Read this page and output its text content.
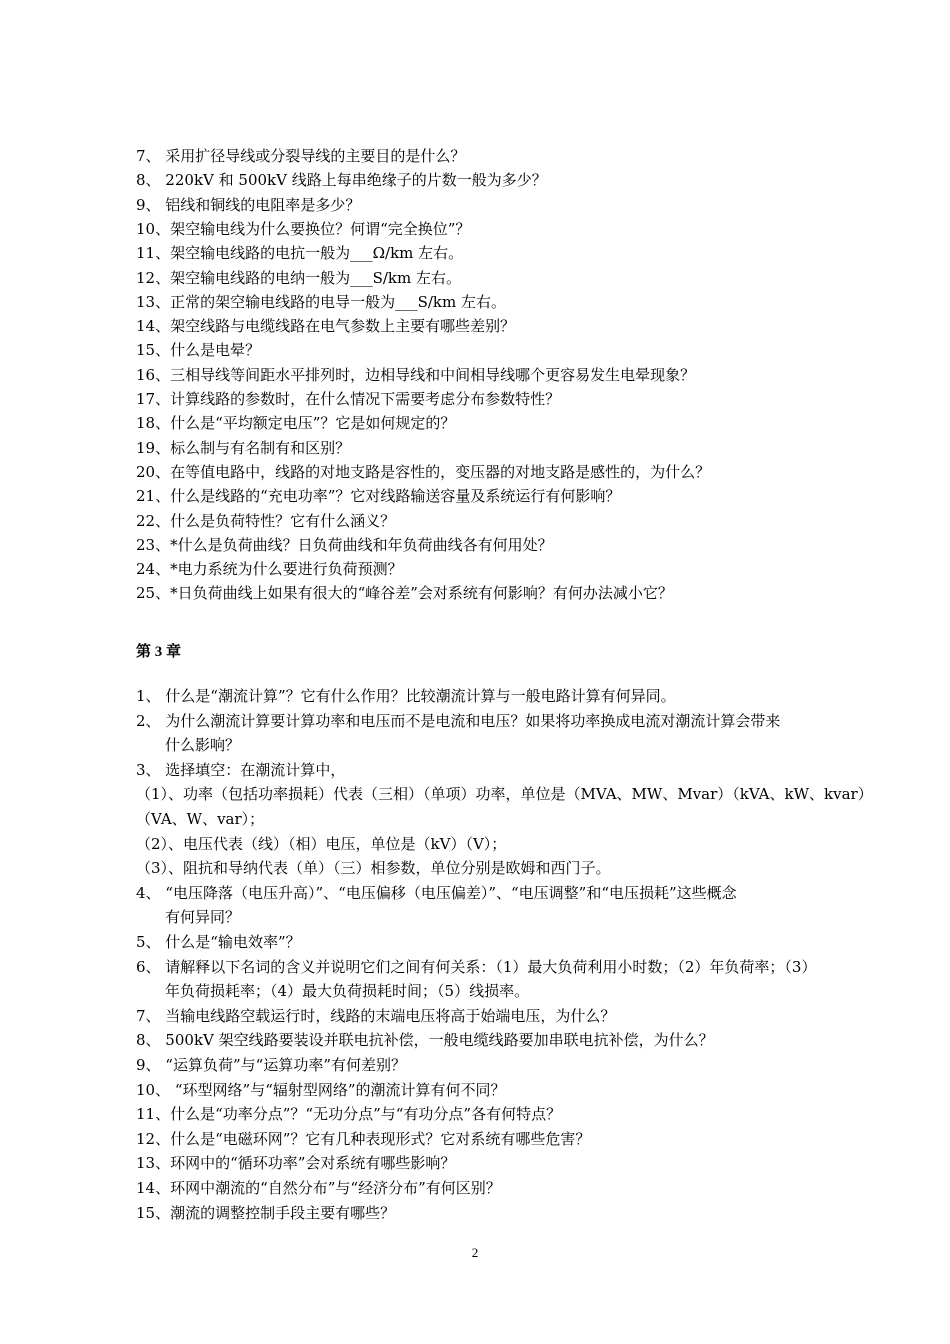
7、 采用扩径导线或分裂导线的主要目的是什么？
8、 220kV 和 500kV 线路上每串绝缘子的片数一般为多少？
9、 铝线和铜线的电阻率是多少？
10、架空输电线为什么要换位？何谓“完全换位”？
11、架空输电线路的电抗一般为___Ω/km 左右。
12、架空输电线路的电纳一般为___S/km 左右。
13、正常的架空输电线路的电导一般为___S/km 左右。
14、架空线路与电缆线路在电气参数上主要有哪些差别？
15、什么是电晕？
16、三相导线等间距水平排列时，边相导线和中间相导线哪个更容易发生电晕现象？
17、计算线路的参数时，在什么情况下需要考虑分布参数特性？
18、什么是“平均额定电压”？它是如何规定的？
19、标么制与有名制有和区别？
20、在等值电路中，线路的对地支路是容性的，变压器的对地支路是感性的，为什么？
21、什么是线路的“充电功率”？它对线路输送容量及系统运行有何影响？
22、什么是负荷特性？它有什么涵义？
23、*什么是负荷曲线？日负荷曲线和年负荷曲线各有何用处？
24、*电力系统为什么要进行负荷预测？
25、*日负荷曲线上如果有很大的“峰谷差”会对系统有何影响？有何办法减小它？
第 3 章
1、 什么是“潮流计算”？它有什么作用？比较潮流计算与一般电路计算有何异同。
2、 为什么潮流计算要计算功率和电压而不是电流和电压？如果将功率换成电流对潮流计算会带来
什么影响？
3、 选择填空：在潮流计算中，
（1）、功率（包括功率损耗）代表（三相）（单项）功率，单位是（MVA、MW、Mvar）（kVA、kW、kvar）
（VA、W、var）；
（2）、电压代表（线）（相）电压，单位是（kV）（V）；
（3）、阻抗和导纳代表（单）（三）相参数，单位分别是欧姆和西门子。
4、 “电压降落（电压升高）”、“电压偏移（电压偏差）”、“电压调整”和“电压损耗”这些概念
有何异同？
5、 什么是“输电效率”？
6、 请解释以下名词的含义并说明它们之间有何关系：（1）最大负荷利用小时数；（2）年负荷率；（3）
年负荷损耗率；（4）最大负荷损耗时间；（5）线损率。
7、 当输电线路空载运行时，线路的末端电压将高于始端电压，为什么？
8、 500kV 架空线路要装设并联电抗补偿，一般电缆线路要加串联电抗补偿，为什么？
9、 “运算负荷”与“运算功率”有何差别？
10、 “环型网络”与“辐射型网络”的潮流计算有何不同？
11、什么是“功率分点”？“无功分点”与“有功分点”各有何特点？
12、什么是“电磁环网”？它有几种表现形式？它对系统有哪些危害？
13、环网中的“循环功率”会对系统有哪些影响？
14、环网中潮流的“自然分布”与“经济分布”有何区别？
15、潮流的调整控制手段主要有哪些？
2
